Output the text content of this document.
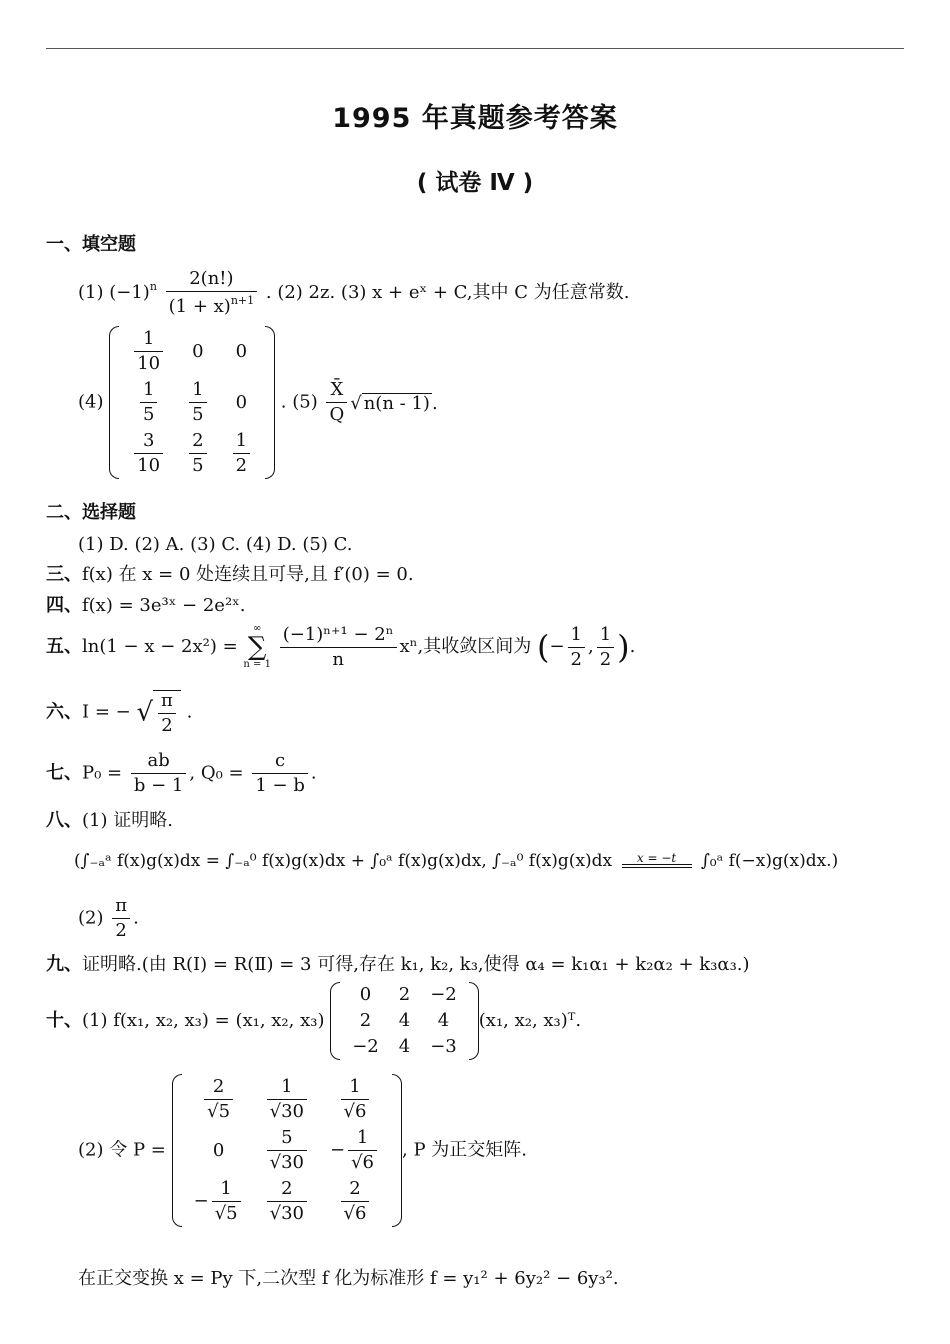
1995 年真题参考答案
( 试卷 Ⅳ )
一、填空题
(1) $(-1)^n \frac{2(n!)}{(1 + x)^{n+1}}$ . (2) 2z. (3) x + eˣ + C,其中 C 为任意常数.
(4)
$\frac{1}{10}$	0	0

$\frac{1}{5}$	$\frac{1}{5}$	0

$\frac{3}{10}$	$\frac{2}{5}$	$\frac{1}{2}$
. $(5) \frac{X̄}{Q}$ √ n(n - 1) .
二、选择题
(1) D. (2) A. (3) C. (4) D. (5) C.
三、f(x) 在 x = 0 处连续且可导,且 f′(0) = 0.
四、f(x) = 3e³ˣ − 2e²ˣ.
五、ln(1 − x − 2x²) =
∞
∑
n = 1
$\frac{\text{(−1)ⁿ⁺¹ − 2ⁿ}}{n} x^n$,其收敛区间为 (− $\frac{1}{2}$ , $\frac{1}{2}$ ).
六、I = − √ $\frac{\pi}{2}$ .
七、$P_0 = \frac{ab}{b - 1}$ , $Q_0 = \frac{c}{1 - b}$ .
八、(1) 证明略.
(∫₋ₐᵃ f(x)g(x)dx = ∫₋ₐ⁰ f(x)g(x)dx + ∫₀ᵃ f(x)g(x)dx, ∫₋ₐ⁰ f(x)g(x)dx	x = −t	∫₀ᵃ f(−x)g(x)dx.)
$(2) \frac{\pi}{2}$ .
九、证明略.(由 R(Ⅰ) = R(Ⅱ) = 3 可得,存在 k₁, k₂, k₃,使得 α₄ = k₁α₁ + k₂α₂ + k₃α₃.)
十、(1) f(x₁, x₂, x₃) = (x₁, x₂, x₃)
0	2	−2
2	4	4
−2	4	−3
(x₁, x₂, x₃)ᵀ.
(2) 令 P =
$\frac{2}{√5}$	$\frac{1}{√30}$	$\frac{1}{√6}$

0	$\frac{5}{√30}$	− $\frac{1}{√6}$

− $\frac{1}{√5}$	$\frac{2}{√30}$	$\frac{2}{√6}$
, P 为正交矩阵.
在正交变换 x = Py 下,二次型 f 化为标准形 f = y₁² + 6y₂² − 6y₃².
